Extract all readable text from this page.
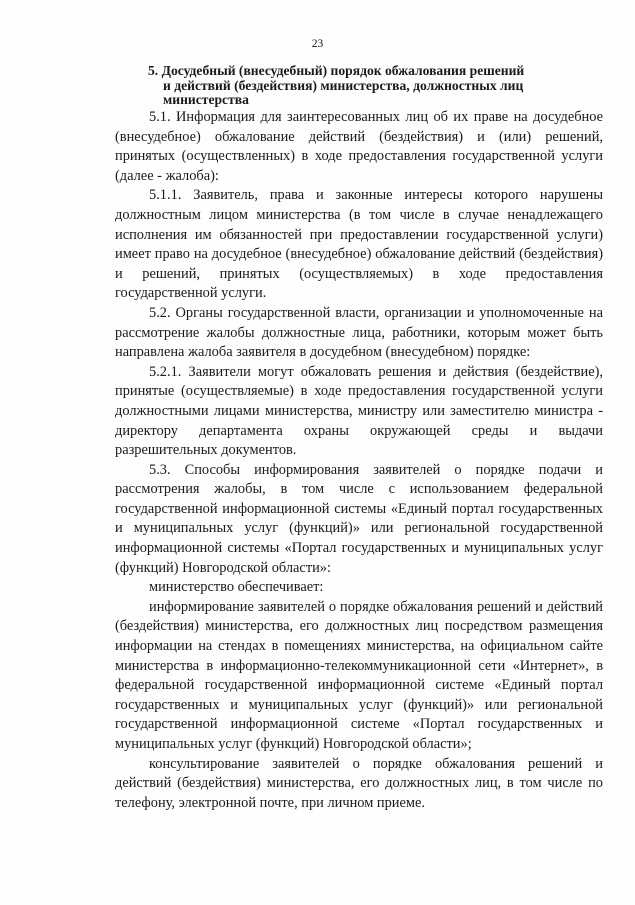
23
5. Досудебный (внесудебный) порядок обжалования решений
и действий (бездействия) министерства, должностных лиц
министерства

5.1. Информация для заинтересованных лиц об их праве на досудебное (внесудебное) обжалование действий (бездействия) и (или) решений, принятых (осуществленных) в ходе предоставления государственной услуги (далее - жалоба):

5.1.1. Заявитель, права и законные интересы которого нарушены должностным лицом министерства (в том числе в случае ненадлежащего исполнения им обязанностей при предоставлении государственной услуги) имеет право на досудебное (внесудебное) обжалование действий (бездействия) и решений, принятых (осуществляемых) в ходе предоставления государственной услуги.

5.2. Органы государственной власти, организации и уполномоченные на рассмотрение жалобы должностные лица, работники, которым может быть направлена жалоба заявителя в досудебном (внесудебном) порядке:

5.2.1. Заявители могут обжаловать решения и действия (бездействие), принятые (осуществляемые) в ходе предоставления государственной услуги должностными лицами министерства, министру или заместителю министра - директору департамента охраны окружающей среды и выдачи разрешительных документов.

5.3. Способы информирования заявителей о порядке подачи и рассмотрения жалобы, в том числе с использованием федеральной государственной информационной системы «Единый портал государственных и муниципальных услуг (функций)» или региональной государственной информационной системы «Портал государственных и муниципальных услуг (функций) Новгородской области»:

министерство обеспечивает:

информирование заявителей о порядке обжалования решений и действий (бездействия) министерства, его должностных лиц посредством размещения информации на стендах в помещениях министерства, на официальном сайте министерства в информационно-телекоммуникационной сети «Интернет», в федеральной государственной информационной системе «Единый портал государственных и муниципальных услуг (функций)» или региональной государственной информационной системе «Портал государственных и муниципальных услуг (функций) Новгородской области»;

консультирование заявителей о порядке обжалования решений и действий (бездействия) министерства, его должностных лиц, в том числе по телефону, электронной почте, при личном приеме.
